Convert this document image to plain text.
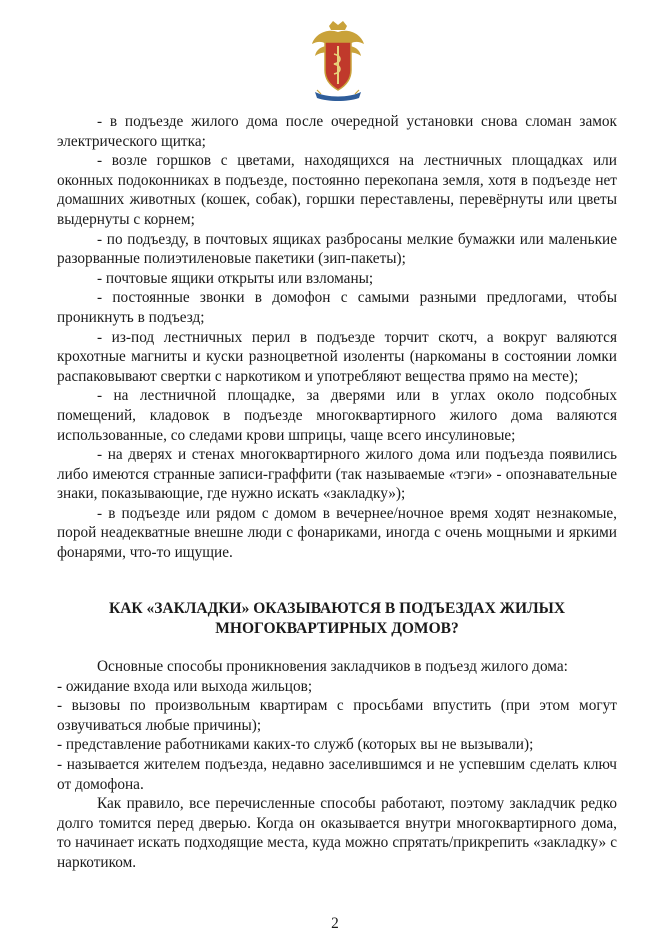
- в подъезде жилого дома после очередной установки снова сломан замок электрического щитка;

- возле горшков с цветами, находящихся на лестничных площадках или оконных подоконниках в подъезде, постоянно перекопана земля, хотя в подъезде нет домашних животных (кошек, собак), горшки переставлены, перевёрнуты или цветы выдернуты с корнем;

- по подъезду, в почтовых ящиках разбросаны мелкие бумажки или маленькие разорванные полиэтиленовые пакетики (зип-пакеты);

- почтовые ящики открыты или взломаны;

- постоянные звонки в домофон с самыми разными предлогами, чтобы проникнуть в подъезд;

- из-под лестничных перил в подъезде торчит скотч, а вокруг валяются крохотные магниты и куски разноцветной изоленты (наркоманы в состоянии ломки распаковывают свертки с наркотиком и употребляют вещества прямо на месте);

- на лестничной площадке, за дверями или в углах около подсобных помещений, кладовок в подъезде многоквартирного жилого дома валяются использованные, со следами крови шприцы, чаще всего инсулиновые;

- на дверях и стенах многоквартирного жилого дома или подъезда появились либо имеются странные записи-граффити (так называемые «тэги» - опознавательные знаки, показывающие, где нужно искать «закладку»);

- в подъезде или рядом с домом в вечернее/ночное время ходят незнакомые, порой неадекватные внешне люди с фонариками, иногда с очень мощными и яркими фонарями, что-то ищущие.

КАК «ЗАКЛАДКИ» ОКАЗЫВАЮТСЯ В ПОДЪЕЗДАХ ЖИЛЫХ

МНОГОКВАРТИРНЫХ ДОМОВ?

Основные способы проникновения закладчиков в подъезд жилого дома:

- ожидание входа или выхода жильцов;

- вызовы по произвольным квартирам с просьбами впустить (при этом могут озвучиваться любые причины);

- представление работниками каких-то служб (которых вы не вызывали);

- называется жителем подъезда, недавно заселившимся и не успевшим сделать ключ от домофона.

Как правило, все перечисленные способы работают, поэтому закладчик редко долго томится перед дверью. Когда он оказывается внутри многоквартирного дома, то начинает искать подходящие места, куда можно спрятать/прикрепить «закладку» с наркотиком.

2
